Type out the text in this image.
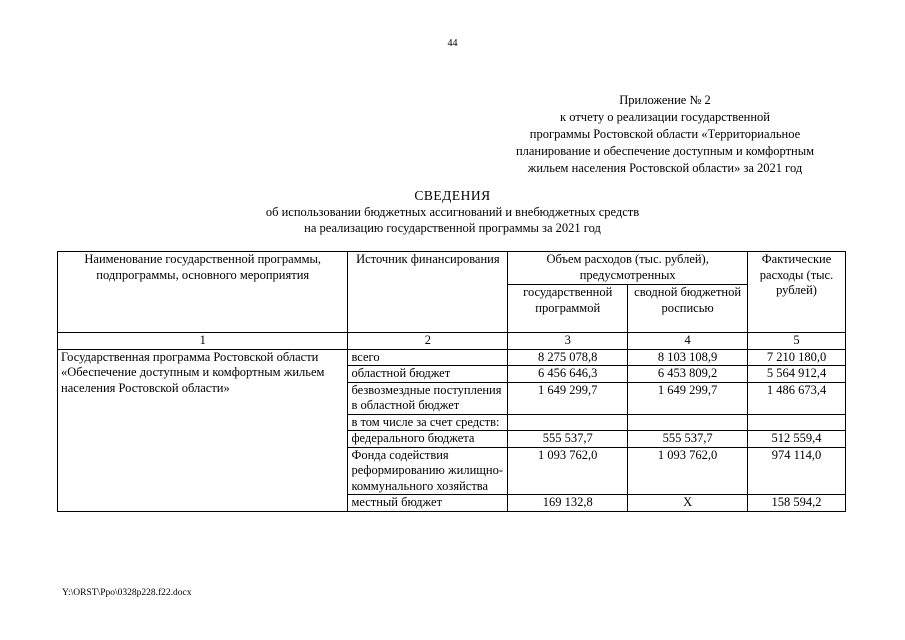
44
Приложение № 2
к отчету о реализации государственной
программы Ростовской области «Территориальное
планирование и обеспечение доступным и комфортным
жильем населения Ростовской области» за 2021 год
СВЕДЕНИЯ
об использовании бюджетных ассигнований и внебюджетных средств
на реализацию государственной программы за 2021 год
Наименование государственной программы, подпрограммы, основного мероприятия	Источник финансирования	Объем расходов (тыс. рублей), предусмотренных		Фактические расходы (тыс. рублей)
		государственной программой	сводной бюджетной росписью	
1	2	3	4	5
Государственная программа Ростовской области «Обеспечение доступным и комфортным жильем населения Ростовской области»	всего	8 275 078,8	8 103 108,9	7 210 180,0
	областной бюджет	6 456 646,3	6 453 809,2	5 564 912,4
	безвозмездные поступления в областной бюджет	1 649 299,7	1 649 299,7	1 486 673,4
	в том числе за счет средств:			
	федерального бюджета	555 537,7	555 537,7	512 559,4
	Фонда содействия реформированию жилищно-коммунального хозяйства	1 093 762,0	1 093 762,0	974 114,0
	местный бюджет	169 132,8	Х	158 594,2
Y:\ORST\Ppo\0328p228.f22.docx
